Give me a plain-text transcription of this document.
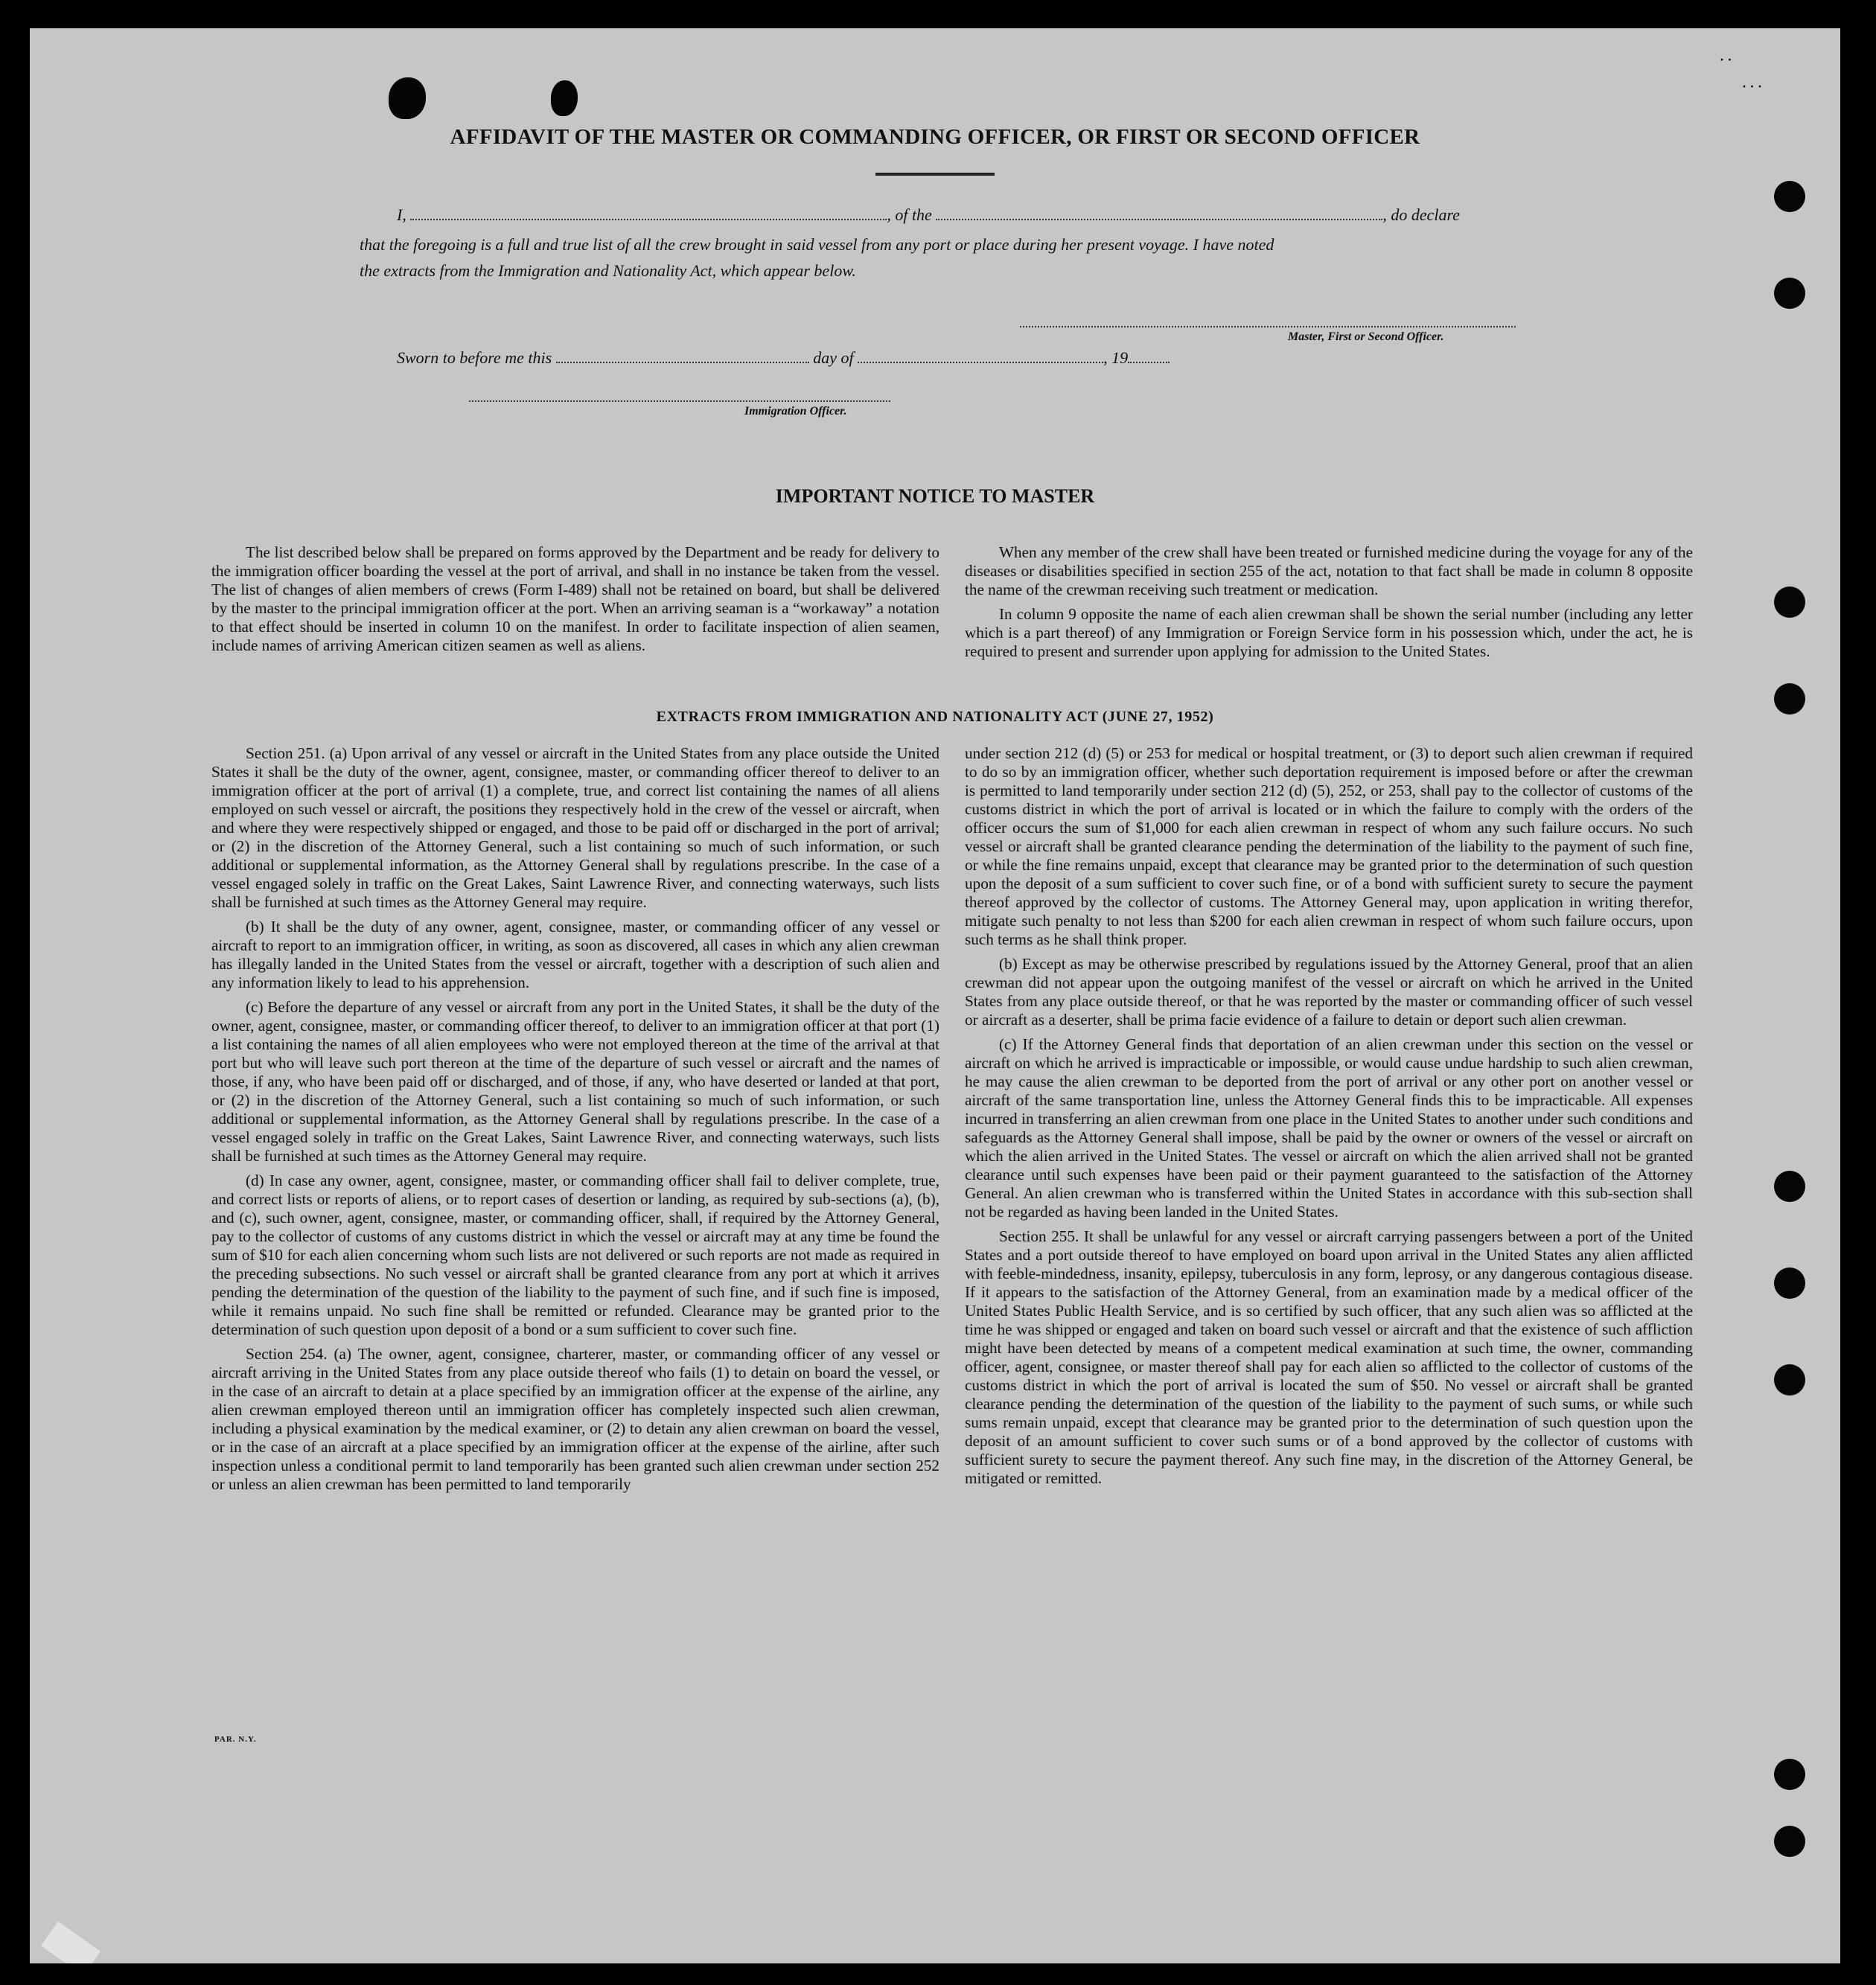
· ·
· · ·
AFFIDAVIT OF THE MASTER OR COMMANDING OFFICER, OR FIRST OR SECOND OFFICER
I,	, of the	, do declare
that the foregoing is a full and true list of all the crew brought in said vessel from any port or place during her present voyage. I have noted
the extracts from the Immigration and Nationality Act, which appear below.
Master, First or Second Officer.
Sworn to before me this	day of	, 19
Immigration Officer.
IMPORTANT NOTICE TO MASTER

The list described below shall be prepared on forms approved by the Department and be ready for delivery to the immigration officer boarding the vessel at the port of arrival, and shall in no instance be taken from the vessel. The list of changes of alien members of crews (Form I-489) shall not be retained on board, but shall be delivered by the master to the principal immigration officer at the port. When an arriving seaman is a “workaway” a notation to that effect should be inserted in column 10 on the manifest. In order to facilitate inspection of alien seamen, include names of arriving American citizen seamen as well as aliens.

When any member of the crew shall have been treated or furnished medicine during the voyage for any of the diseases or disabilities specified in section 255 of the act, notation to that fact shall be made in column 8 opposite the name of the crewman receiving such treatment or medication.

In column 9 opposite the name of each alien crewman shall be shown the serial number (including any letter which is a part thereof) of any Immigration or Foreign Service form in his possession which, under the act, he is required to present and surrender upon applying for admission to the United States.

EXTRACTS FROM IMMIGRATION AND NATIONALITY ACT (JUNE 27, 1952)

Section 251. (a) Upon arrival of any vessel or aircraft in the United States from any place outside the United States it shall be the duty of the owner, agent, consignee, master, or commanding officer thereof to deliver to an immigration officer at the port of arrival (1) a complete, true, and correct list containing the names of all aliens employed on such vessel or aircraft, the positions they respectively hold in the crew of the vessel or aircraft, when and where they were respectively shipped or engaged, and those to be paid off or discharged in the port of arrival; or (2) in the discretion of the Attorney General, such a list containing so much of such information, or such additional or supplemental information, as the Attorney General shall by regulations prescribe. In the case of a vessel engaged solely in traffic on the Great Lakes, Saint Lawrence River, and connecting waterways, such lists shall be furnished at such times as the Attorney General may require.

(b) It shall be the duty of any owner, agent, consignee, master, or commanding officer of any vessel or aircraft to report to an immigration officer, in writing, as soon as discovered, all cases in which any alien crewman has illegally landed in the United States from the vessel or aircraft, together with a description of such alien and any information likely to lead to his apprehension.

(c) Before the departure of any vessel or aircraft from any port in the United States, it shall be the duty of the owner, agent, consignee, master, or commanding officer thereof, to deliver to an immigration officer at that port (1) a list containing the names of all alien employees who were not employed thereon at the time of the arrival at that port but who will leave such port thereon at the time of the departure of such vessel or aircraft and the names of those, if any, who have been paid off or discharged, and of those, if any, who have deserted or landed at that port, or (2) in the discretion of the Attorney General, such a list containing so much of such information, or such additional or supplemental information, as the Attorney General shall by regulations prescribe. In the case of a vessel engaged solely in traffic on the Great Lakes, Saint Lawrence River, and connecting waterways, such lists shall be furnished at such times as the Attorney General may require.

(d) In case any owner, agent, consignee, master, or commanding officer shall fail to deliver complete, true, and correct lists or reports of aliens, or to report cases of desertion or landing, as required by sub-sections (a), (b), and (c), such owner, agent, consignee, master, or commanding officer, shall, if required by the Attorney General, pay to the collector of customs of any customs district in which the vessel or aircraft may at any time be found the sum of $10 for each alien concerning whom such lists are not delivered or such reports are not made as required in the preceding subsections. No such vessel or aircraft shall be granted clearance from any port at which it arrives pending the determination of the question of the liability to the payment of such fine, and if such fine is imposed, while it remains unpaid. No such fine shall be remitted or refunded. Clearance may be granted prior to the determination of such question upon deposit of a bond or a sum sufficient to cover such fine.

Section 254. (a) The owner, agent, consignee, charterer, master, or commanding officer of any vessel or aircraft arriving in the United States from any place outside thereof who fails (1) to detain on board the vessel, or in the case of an aircraft to detain at a place specified by an immigration officer at the expense of the airline, any alien crewman employed thereon until an immigration officer has completely inspected such alien crewman, including a physical examination by the medical examiner, or (2) to detain any alien crewman on board the vessel, or in the case of an aircraft at a place specified by an immigration officer at the expense of the airline, after such inspection unless a conditional permit to land temporarily has been granted such alien crewman under section 252 or unless an alien crewman has been permitted to land temporarily

under section 212 (d) (5) or 253 for medical or hospital treatment, or (3) to deport such alien crewman if required to do so by an immigration officer, whether such deportation requirement is imposed before or after the crewman is permitted to land temporarily under section 212 (d) (5), 252, or 253, shall pay to the collector of customs of the customs district in which the port of arrival is located or in which the failure to comply with the orders of the officer occurs the sum of $1,000 for each alien crewman in respect of whom any such failure occurs. No such vessel or aircraft shall be granted clearance pending the determination of the liability to the payment of such fine, or while the fine remains unpaid, except that clearance may be granted prior to the determination of such question upon the deposit of a sum sufficient to cover such fine, or of a bond with sufficient surety to secure the payment thereof approved by the collector of customs. The Attorney General may, upon application in writing therefor, mitigate such penalty to not less than $200 for each alien crewman in respect of whom such failure occurs, upon such terms as he shall think proper.

(b) Except as may be otherwise prescribed by regulations issued by the Attorney General, proof that an alien crewman did not appear upon the outgoing manifest of the vessel or aircraft on which he arrived in the United States from any place outside thereof, or that he was reported by the master or commanding officer of such vessel or aircraft as a deserter, shall be prima facie evidence of a failure to detain or deport such alien crewman.

(c) If the Attorney General finds that deportation of an alien crewman under this section on the vessel or aircraft on which he arrived is impracticable or impossible, or would cause undue hardship to such alien crewman, he may cause the alien crewman to be deported from the port of arrival or any other port on another vessel or aircraft of the same transportation line, unless the Attorney General finds this to be impracticable. All expenses incurred in transferring an alien crewman from one place in the United States to another under such conditions and safeguards as the Attorney General shall impose, shall be paid by the owner or owners of the vessel or aircraft on which the alien arrived in the United States. The vessel or aircraft on which the alien arrived shall not be granted clearance until such expenses have been paid or their payment guaranteed to the satisfaction of the Attorney General. An alien crewman who is transferred within the United States in accordance with this sub-section shall not be regarded as having been landed in the United States.

Section 255. It shall be unlawful for any vessel or aircraft carrying passengers between a port of the United States and a port outside thereof to have employed on board upon arrival in the United States any alien afflicted with feeble-mindedness, insanity, epilepsy, tuberculosis in any form, leprosy, or any dangerous contagious disease. If it appears to the satisfaction of the Attorney General, from an examination made by a medical officer of the United States Public Health Service, and is so certified by such officer, that any such alien was so afflicted at the time he was shipped or engaged and taken on board such vessel or aircraft and that the existence of such affliction might have been detected by means of a competent medical examination at such time, the owner, commanding officer, agent, consignee, or master thereof shall pay for each alien so afflicted to the collector of customs of the customs district in which the port of arrival is located the sum of $50. No vessel or aircraft shall be granted clearance pending the determination of the question of the liability to the payment of such sums, or while such sums remain unpaid, except that clearance may be granted prior to the determination of such question upon the deposit of an amount sufficient to cover such sums or of a bond approved by the collector of customs with sufficient surety to secure the payment thereof. Any such fine may, in the discretion of the Attorney General, be mitigated or remitted.

PAR. N.Y.
